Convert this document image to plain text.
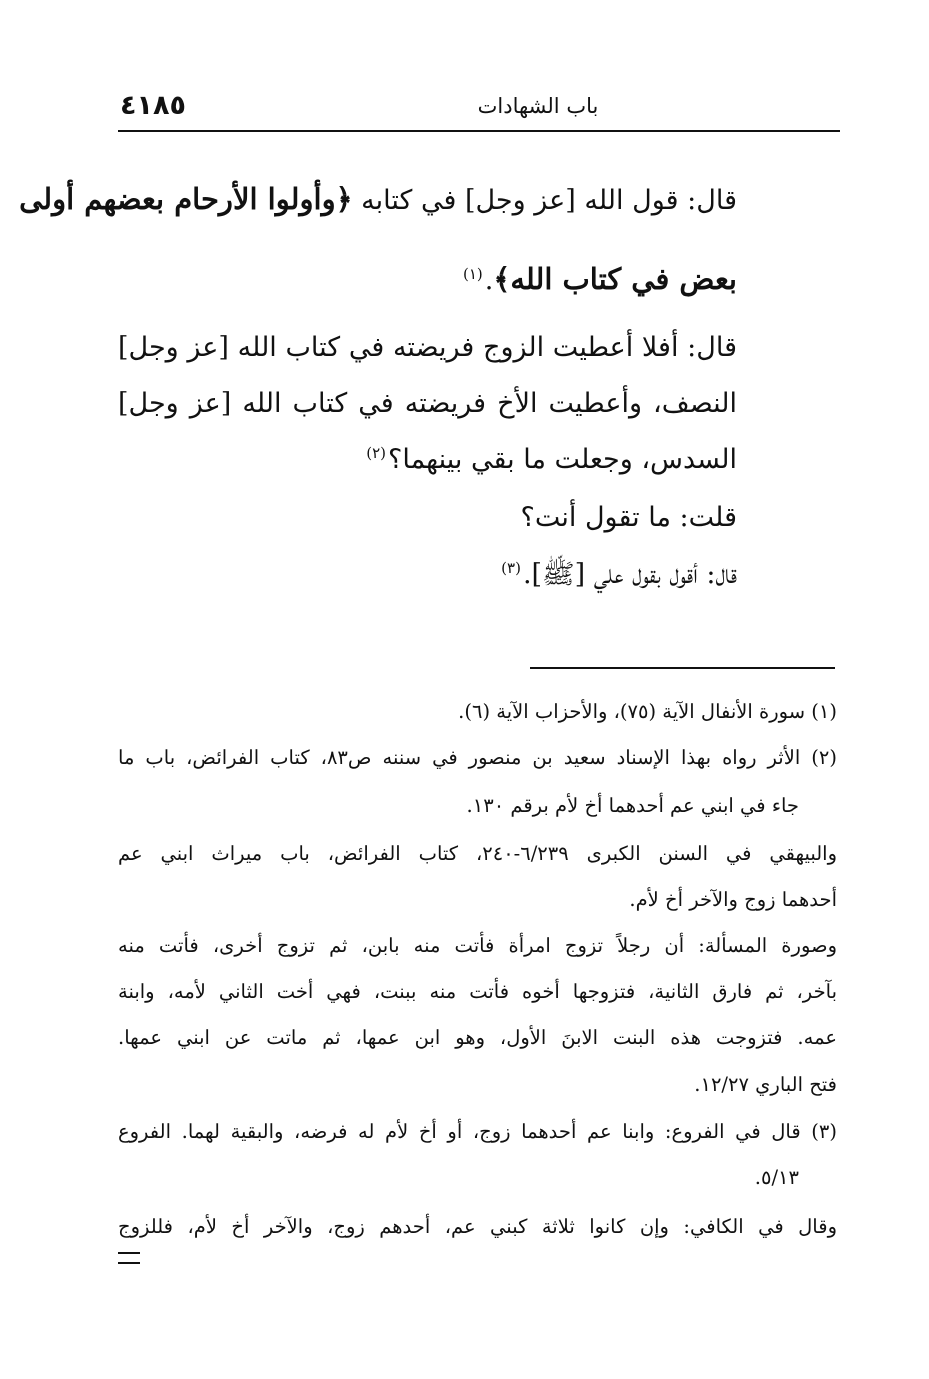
٤١٨٥	باب الشهادات
قال: قول الله [عز وجل] في كتابه ﴿وأولوا الأرحام بعضهم أولى
بعض في كتاب الله﴾.$^{(١)}$
قال: أفلا أعطيت الزوج فريضته في كتاب الله [عز وجل]
النصف، وأعطيت الأخ فريضته في كتاب الله [عز وجل]
السدس، وجعلت ما بقي بينهما؟$^{(٢)}$
قلت: ما تقول أنت؟
قال: أقول بقول علي [ﷺ].$^{(٣)}$
(١) سورة الأنفال الآية (٧٥)، والأحزاب الآية (٦).
(٢) الأثر رواه بهذا الإسناد سعيد بن منصور في سننه ص٨٣، كتاب الفرائض، باب ما
جاء في ابني عم أحدهما أخ لأم برقم ١٣٠.
والبيهقي في السنن الكبرى ٦/٢٣٩-٢٤٠، كتاب الفرائض، باب ميراث ابني عم
أحدهما زوج والآخر أخ لأم.
وصورة المسألة: أن رجلاً تزوج امرأة فأتت منه بابن، ثم تزوج أخرى، فأتت منه
بآخر، ثم فارق الثانية، فتزوجها أخوه فأتت منه ببنت، فهي أخت الثاني لأمه، وابنة
عمه. فتزوجت هذه البنت الابنَ الأول، وهو ابن عمها، ثم ماتت عن ابني عمها.
فتح الباري ١٢/٢٧.
(٣) قال في الفروع: وابنا عم أحدهما زوج، أو أخ لأم له فرضه، والبقية لهما. الفروع
٥/١٣.
وقال في الكافي: وإن كانوا ثلاثة كبني عم، أحدهم زوج، والآخر أخ لأم، فللزوج
